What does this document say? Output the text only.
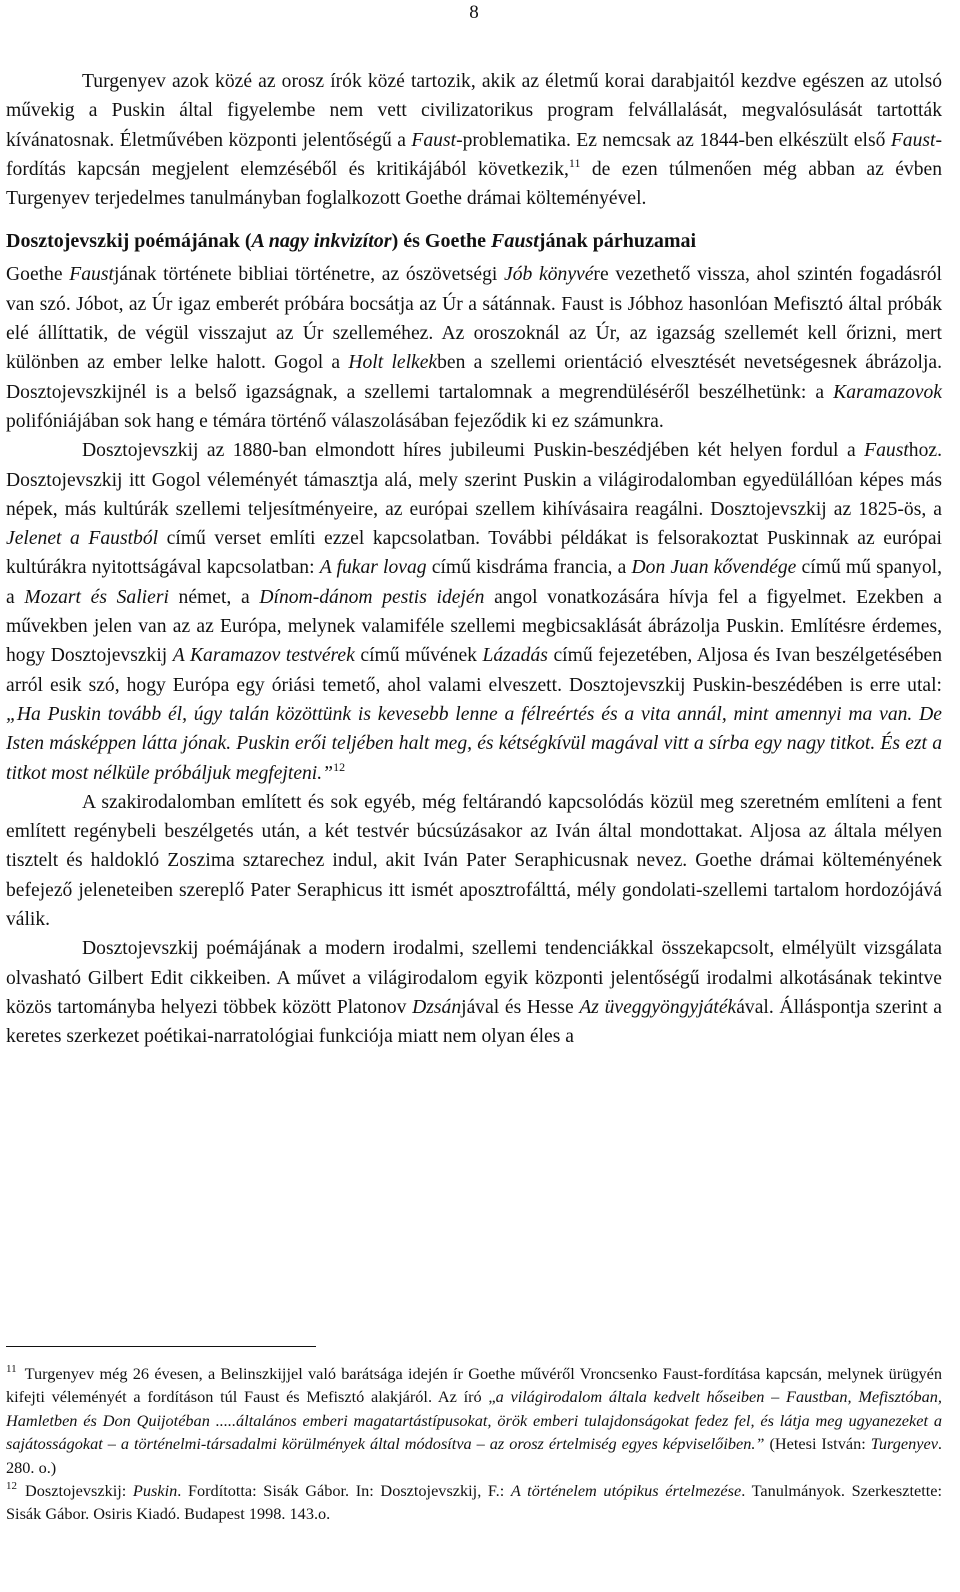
8

Turgenyev azok közé az orosz írók közé tartozik, akik az életmű korai darabjaitól kezdve egészen az utolsó művekig a Puskin által figyelembe nem vett civilizatorikus program felvállalását, megvalósulását tartották kívánatosnak. Életművében központi jelentőségű a Faust-problematika. Ez nemcsak az 1844-ben elkészült első Faust-fordítás kapcsán megjelent elemzéséből és kritikájából következik,$^{11}$ de ezen túlmenően még abban az évben Turgenyev terjedelmes tanulmányban foglalkozott Goethe drámai költeményével.

Dosztojevszkij poémájának (A nagy inkvizítor) és Goethe Faustjának párhuzamai

Goethe Faustjának története bibliai történetre, az ószövetségi Jób könyvére vezethető vissza, ahol szintén fogadásról van szó. Jóbot, az Úr igaz emberét próbára bocsátja az Úr a sátánnak. Faust is Jóbhoz hasonlóan Mefisztó által próbák elé állíttatik, de végül visszajut az Úr szelleméhez. Az oroszoknál az Úr, az igazság szellemét kell őrizni, mert különben az ember lelke halott. Gogol a Holt lelkekben a szellemi orientáció elvesztését nevetségesnek ábrázolja. Dosztojevszkijnél is a belső igazságnak, a szellemi tartalomnak a megrendüléséről beszélhetünk: a Karamazovok polifóniájában sok hang e témára történő válaszolásában fejeződik ki ez számunkra.

Dosztojevszkij az 1880-ban elmondott híres jubileumi Puskin-beszédjében két helyen fordul a Fausthoz. Dosztojevszkij itt Gogol véleményét támasztja alá, mely szerint Puskin a világirodalomban egyedülállóan képes más népek, más kultúrák szellemi teljesítményeire, az európai szellem kihívásaira reagálni. Dosztojevszkij az 1825-ös, a Jelenet a Faustból című verset említi ezzel kapcsolatban. További példákat is felsorakoztat Puskinnak az európai kultúrákra nyitottságával kapcsolatban: A fukar lovag című kisdráma francia, a Don Juan kővendége című mű spanyol, a Mozart és Salieri német, a Dínom-dánom pestis idején angol vonatkozására hívja fel a figyelmet. Ezekben a művekben jelen van az az Európa, melynek valamiféle szellemi megbicsaklását ábrázolja Puskin. Említésre érdemes, hogy Dosztojevszkij A Karamazov testvérek című művének Lázadás című fejezetében, Aljosa és Ivan beszélgetésében arról esik szó, hogy Európa egy óriási temető, ahol valami elveszett. Dosztojevszkij Puskin-beszédében is erre utal: „Ha Puskin tovább él, úgy talán közöttünk is kevesebb lenne a félreértés és a vita annál, mint amennyi ma van. De Isten másképpen látta jónak. Puskin erői teljében halt meg, és kétségkívül magával vitt a sírba egy nagy titkot. És ezt a titkot most nélküle próbáljuk megfejteni.”$^{12}$

A szakirodalomban említett és sok egyéb, még feltárandó kapcsolódás közül meg szeretném említeni a fent említett regénybeli beszélgetés után, a két testvér búcsúzásakor az Iván által mondottakat. Aljosa az általa mélyen tisztelt és haldokló Zoszima sztarechez indul, akit Iván Pater Seraphicusnak nevez. Goethe drámai költeményének befejező jeleneteiben szereplő Pater Seraphicus itt ismét aposztrofálttá, mély gondolati-szellemi tartalom hordozójává válik.

Dosztojevszkij poémájának a modern irodalmi, szellemi tendenciákkal összekapcsolt, elmélyült vizsgálata olvasható Gilbert Edit cikkeiben. A művet a világirodalom egyik központi jelentőségű irodalmi alkotásának tekintve közös tartományba helyezi többek között Platonov Dzsánjával és Hesse Az üveggyöngyjátékával. Álláspontja szerint a keretes szerkezet poétikai-narratológiai funkciója miatt nem olyan éles a

$^{11}$ Turgenyev még 26 évesen, a Belinszkijjel való barátsága idején ír Goethe művéről Vroncsenko Faust-fordítása kapcsán, melynek ürügyén kifejti véleményét a fordításon túl Faust és Mefisztó alakjáról. Az író „a világirodalom általa kedvelt hőseiben – Faustban, Mefisztóban, Hamletben és Don Quijotéban .....általános emberi magatartástípusokat, örök emberi tulajdonságokat fedez fel, és látja meg ugyanezeket a sajátosságokat – a történelmi-társadalmi körülmények által módosítva – az orosz értelmiség egyes képviselőiben.” (Hetesi István: Turgenyev. 280. o.)

$^{12}$ Dosztojevszkij: Puskin. Fordította: Sisák Gábor. In: Dosztojevszkij, F.: A történelem utópikus értelmezése. Tanulmányok. Szerkesztette: Sisák Gábor. Osiris Kiadó. Budapest 1998. 143.o.
